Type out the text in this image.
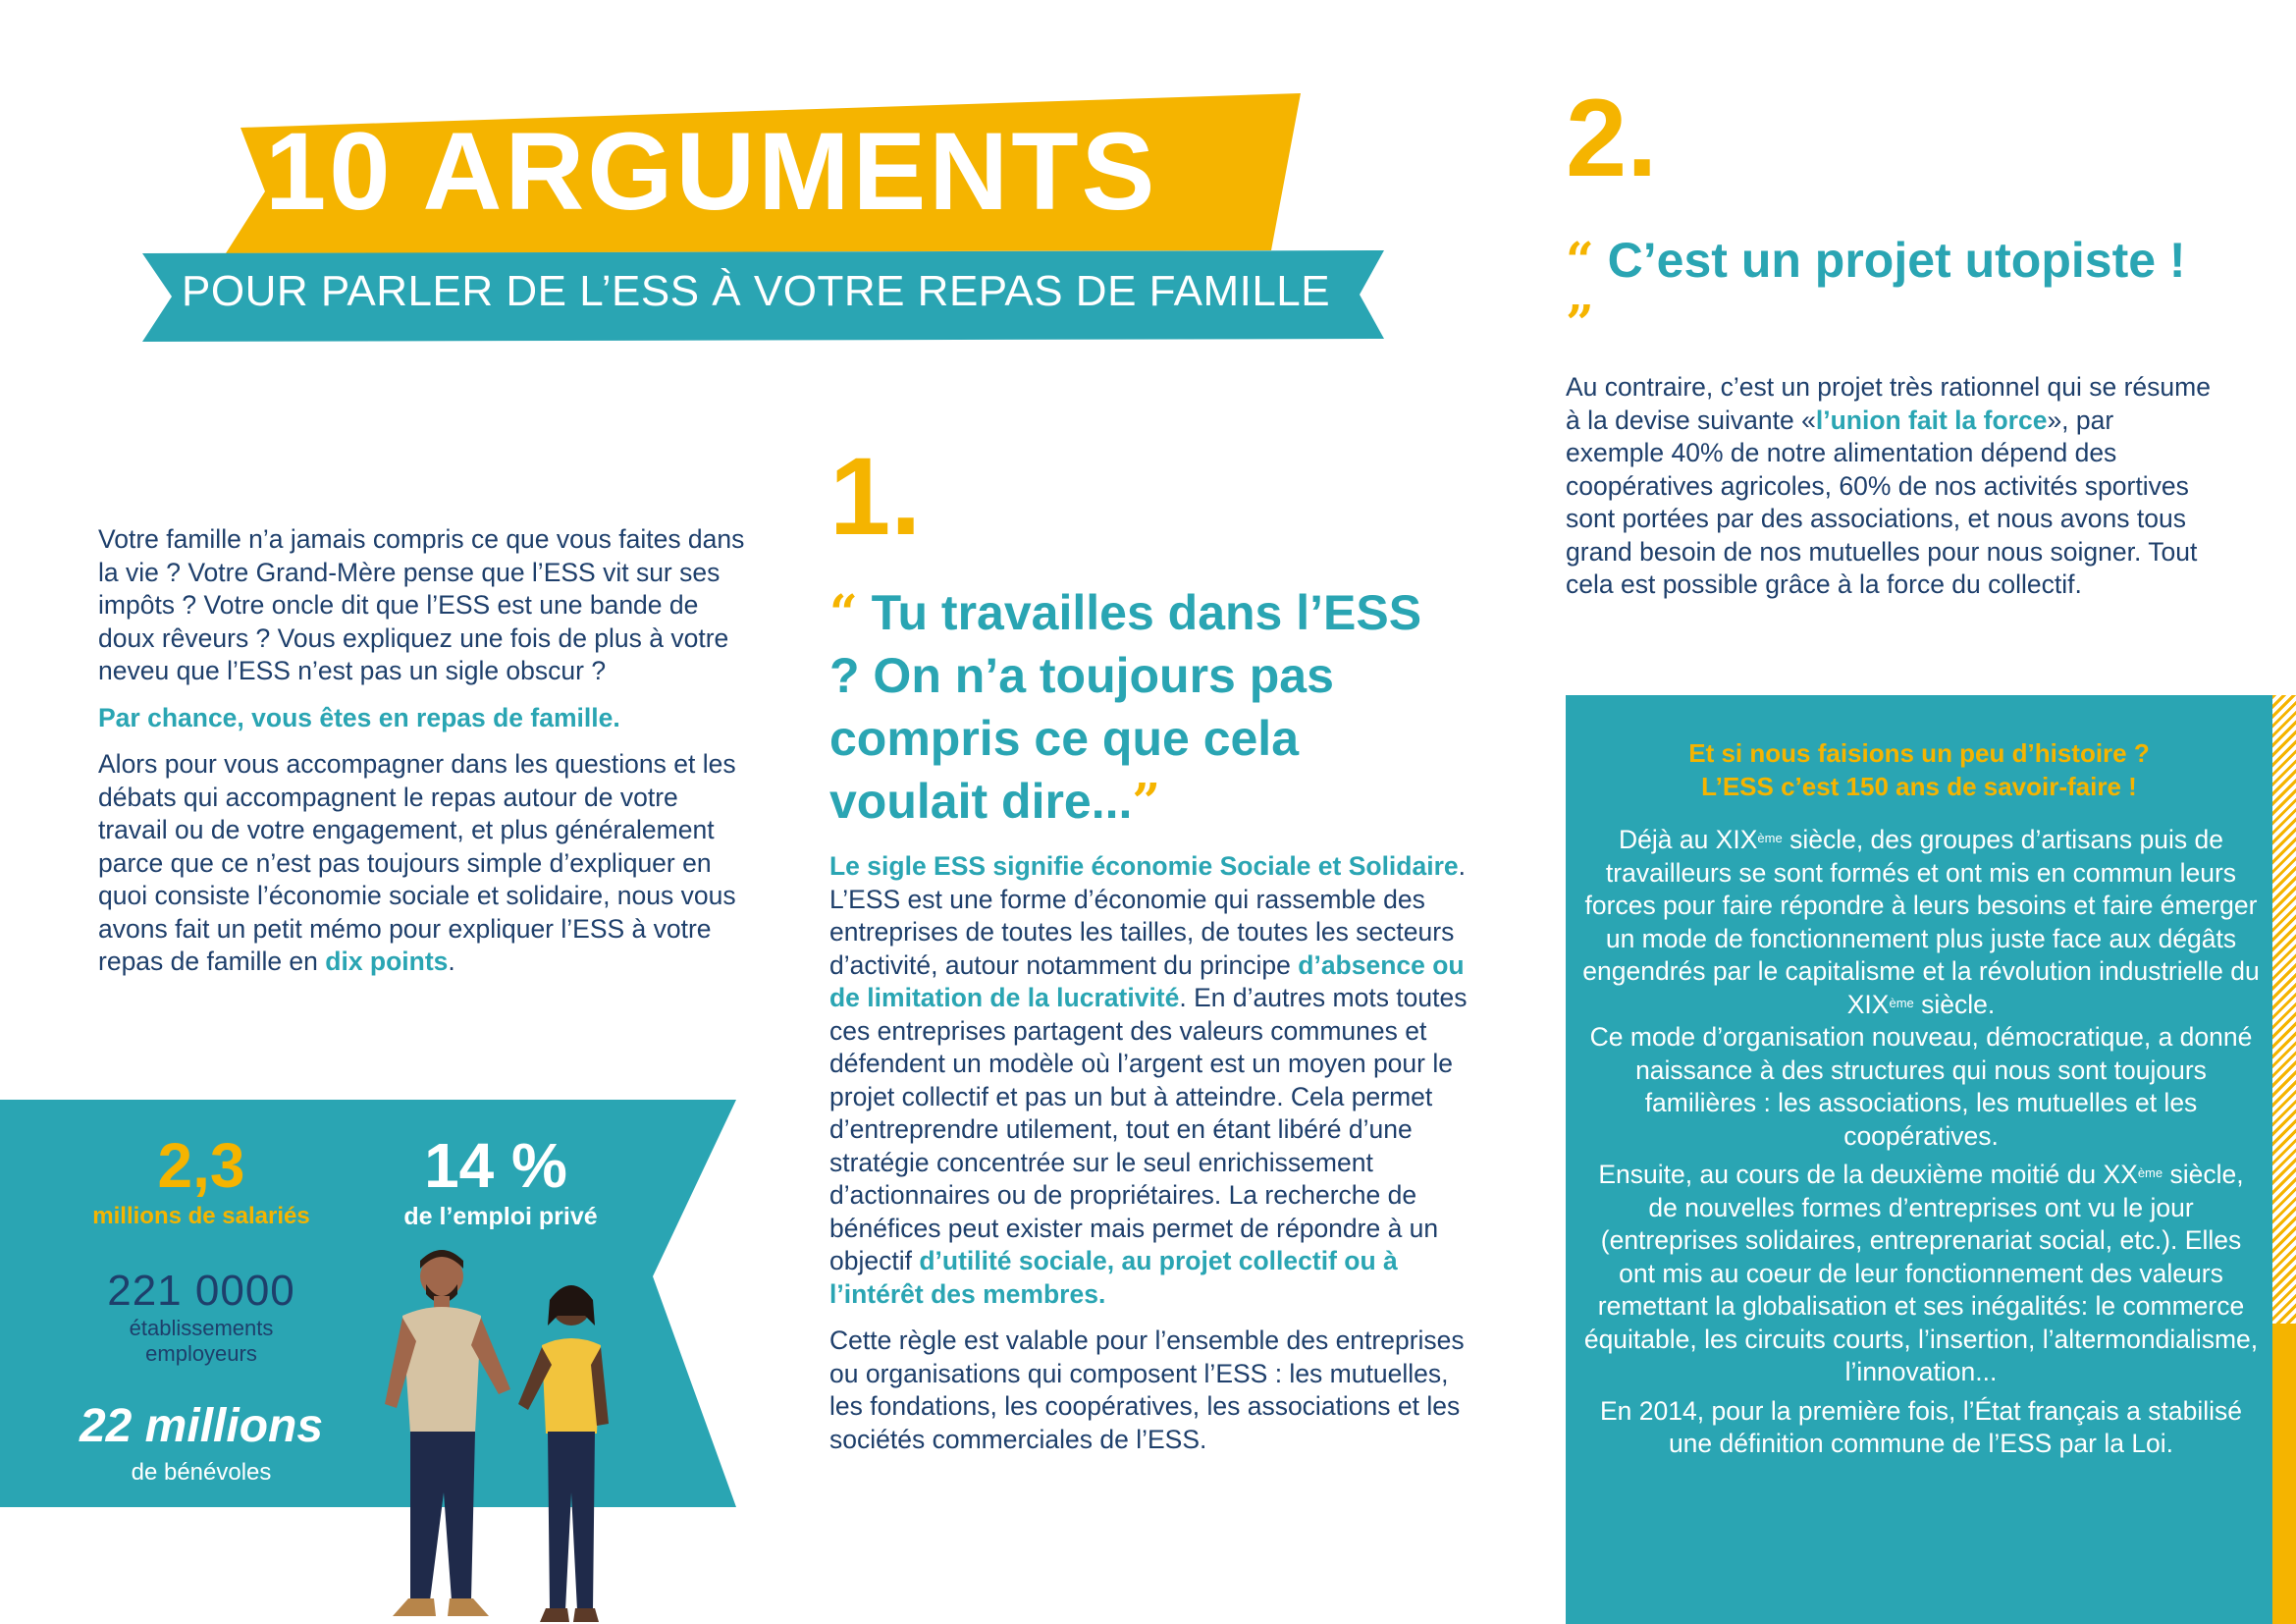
10 ARGUMENTS
POUR PARLER DE L’ESS À VOTRE REPAS DE FAMILLE

Votre famille n’a jamais compris ce que vous faites dans la vie ? Votre Grand-Mère pense que l’ESS vit sur ses impôts ? Votre oncle dit que l’ESS est une bande de doux rêveurs ? Vous expliquez une fois de plus à votre neveu que l’ESS n’est pas un sigle obscur ?

Par chance, vous êtes en repas de famille.

Alors pour vous accompagner dans les questions et les débats qui accompagnent le repas autour de votre travail ou de votre engagement, et plus généralement parce que ce n’est pas toujours simple d’expliquer en quoi consiste l’économie sociale et solidaire, nous vous avons fait un petit mémo pour expliquer l’ESS à votre repas de famille en dix points.

2,3
millions de salariés
14 %
de l’emploi privé
221 0000
établissements employeurs
22 millions
de bénévoles
1.
“ Tu travailles dans l’ESS ? On n’a toujours pas compris ce que cela voulait dire...”

Le sigle ESS signifie économie Sociale et Solidaire. L’ESS est une forme d’économie qui rassemble des entreprises de toutes les tailles, de toutes les secteurs d’activité, autour notamment du principe d’absence ou de limitation de la lucrativité. En d’autres mots toutes ces entreprises partagent des valeurs communes et défendent un modèle où l’argent est un moyen pour le projet collectif et pas un but à atteindre. Cela permet d’entreprendre utilement, tout en étant libéré d’une stratégie concentrée sur le seul enrichissement d’actionnaires ou de propriétaires. La recherche de bénéfices peut exister mais permet de répondre à un objectif d’utilité sociale, au projet collectif ou à l’intérêt des membres.

Cette règle est valable pour l’ensemble des entreprises ou organisations qui composent l’ESS : les mutuelles, les fondations, les coopératives, les associations et les sociétés commerciales de l’ESS.

2.
“ C’est un projet utopiste ! ”

Au contraire, c’est un projet très rationnel qui se résume à la devise suivante «l’union fait la force», par exemple 40% de notre alimentation dépend des coopératives agricoles, 60% de nos activités sportives sont portées par des associations, et nous avons tous grand besoin de nos mutuelles pour nous soigner. Tout cela est possible grâce à la force du collectif.

Et si nous faisions un peu d’histoire ?
L’ESS c’est 150 ans de savoir-faire !

Déjà au XIXème siècle, des groupes d’artisans puis de travailleurs se sont formés et ont mis en commun leurs forces pour faire répondre à leurs besoins et faire émerger un mode de fonctionnement plus juste face aux dégâts engendrés par le capitalisme et la révolution industrielle du XIXème siècle.
Ce mode d’organisation nouveau, démocratique, a donné naissance à des structures qui nous sont toujours familières : les associations, les mutuelles et les coopératives.

Ensuite, au cours de la deuxième moitié du XXème siècle, de nouvelles formes d’entreprises ont vu le jour (entreprises solidaires, entreprenariat social, etc.). Elles ont mis au coeur de leur fonctionnement des valeurs remettant la globalisation et ses inégalités: le commerce équitable, les circuits courts, l’insertion, l’altermondialisme, l’innovation...

En 2014, pour la première fois, l’État français a stabilisé une définition commune de l’ESS par la Loi.
